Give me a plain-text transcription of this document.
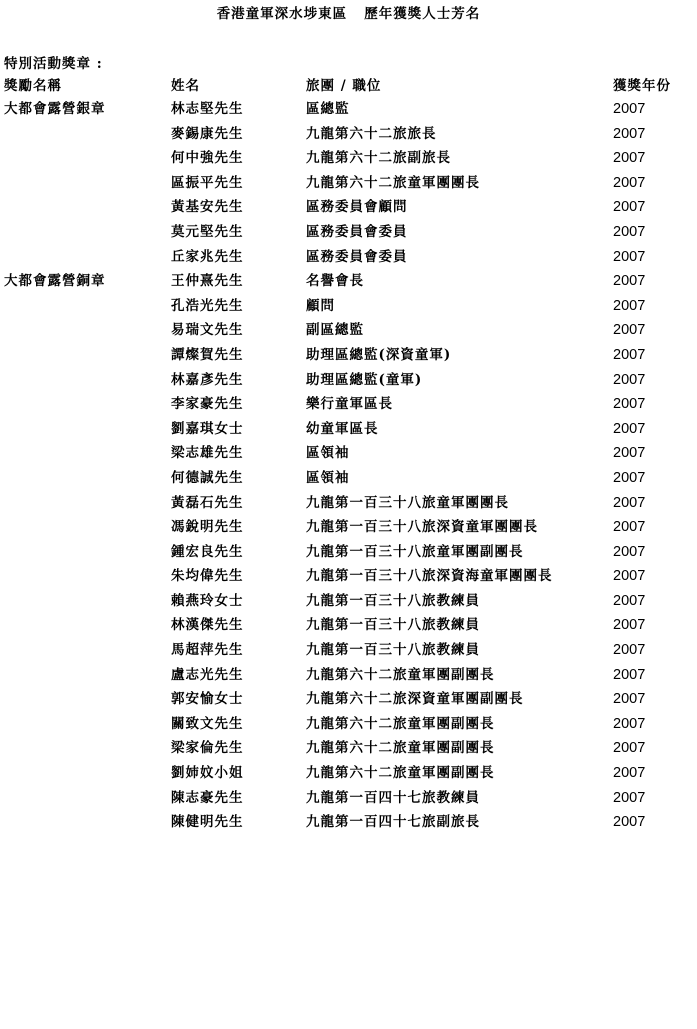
香港童軍深水埗東區   歷年獲獎人士芳名
特別活動獎章 :
獎勵名稱	姓名	旅團 / 職位	獲獎年份
大都會露營銀章	林志堅先生	區總監	2007
麥錫康先生	九龍第六十二旅旅長	2007
何中強先生	九龍第六十二旅副旅長	2007
區振平先生	九龍第六十二旅童軍團團長	2007
黃基安先生	區務委員會顧問	2007
莫元堅先生	區務委員會委員	2007
丘家兆先生	區務委員會委員	2007
大都會露營銅章	王仲熹先生	名譽會長	2007
孔浩光先生	顧問	2007
易瑞文先生	副區總監	2007
譚燦賀先生	助理區總監(深資童軍)	2007
林嘉彥先生	助理區總監(童軍)	2007
李家豪先生	樂行童軍區長	2007
劉嘉琪女士	幼童軍區長	2007
梁志雄先生	區領袖	2007
何德誠先生	區領袖	2007
黃磊石先生	九龍第一百三十八旅童軍團團長	2007
馮銳明先生	九龍第一百三十八旅深資童軍團團長	2007
鍾宏良先生	九龍第一百三十八旅童軍團副團長	2007
朱均偉先生	九龍第一百三十八旅深資海童軍團團長	2007
賴燕玲女士	九龍第一百三十八旅教練員	2007
林漢傑先生	九龍第一百三十八旅教練員	2007
馬超萍先生	九龍第一百三十八旅教練員	2007
盧志光先生	九龍第六十二旅童軍團副團長	2007
郭安愉女士	九龍第六十二旅深資童軍團副團長	2007
關致文先生	九龍第六十二旅童軍團副團長	2007
梁家倫先生	九龍第六十二旅童軍團副團長	2007
劉姉妏小姐	九龍第六十二旅童軍團副團長	2007
陳志豪先生	九龍第一百四十七旅教練員	2007
陳健明先生	九龍第一百四十七旅副旅長	2007
